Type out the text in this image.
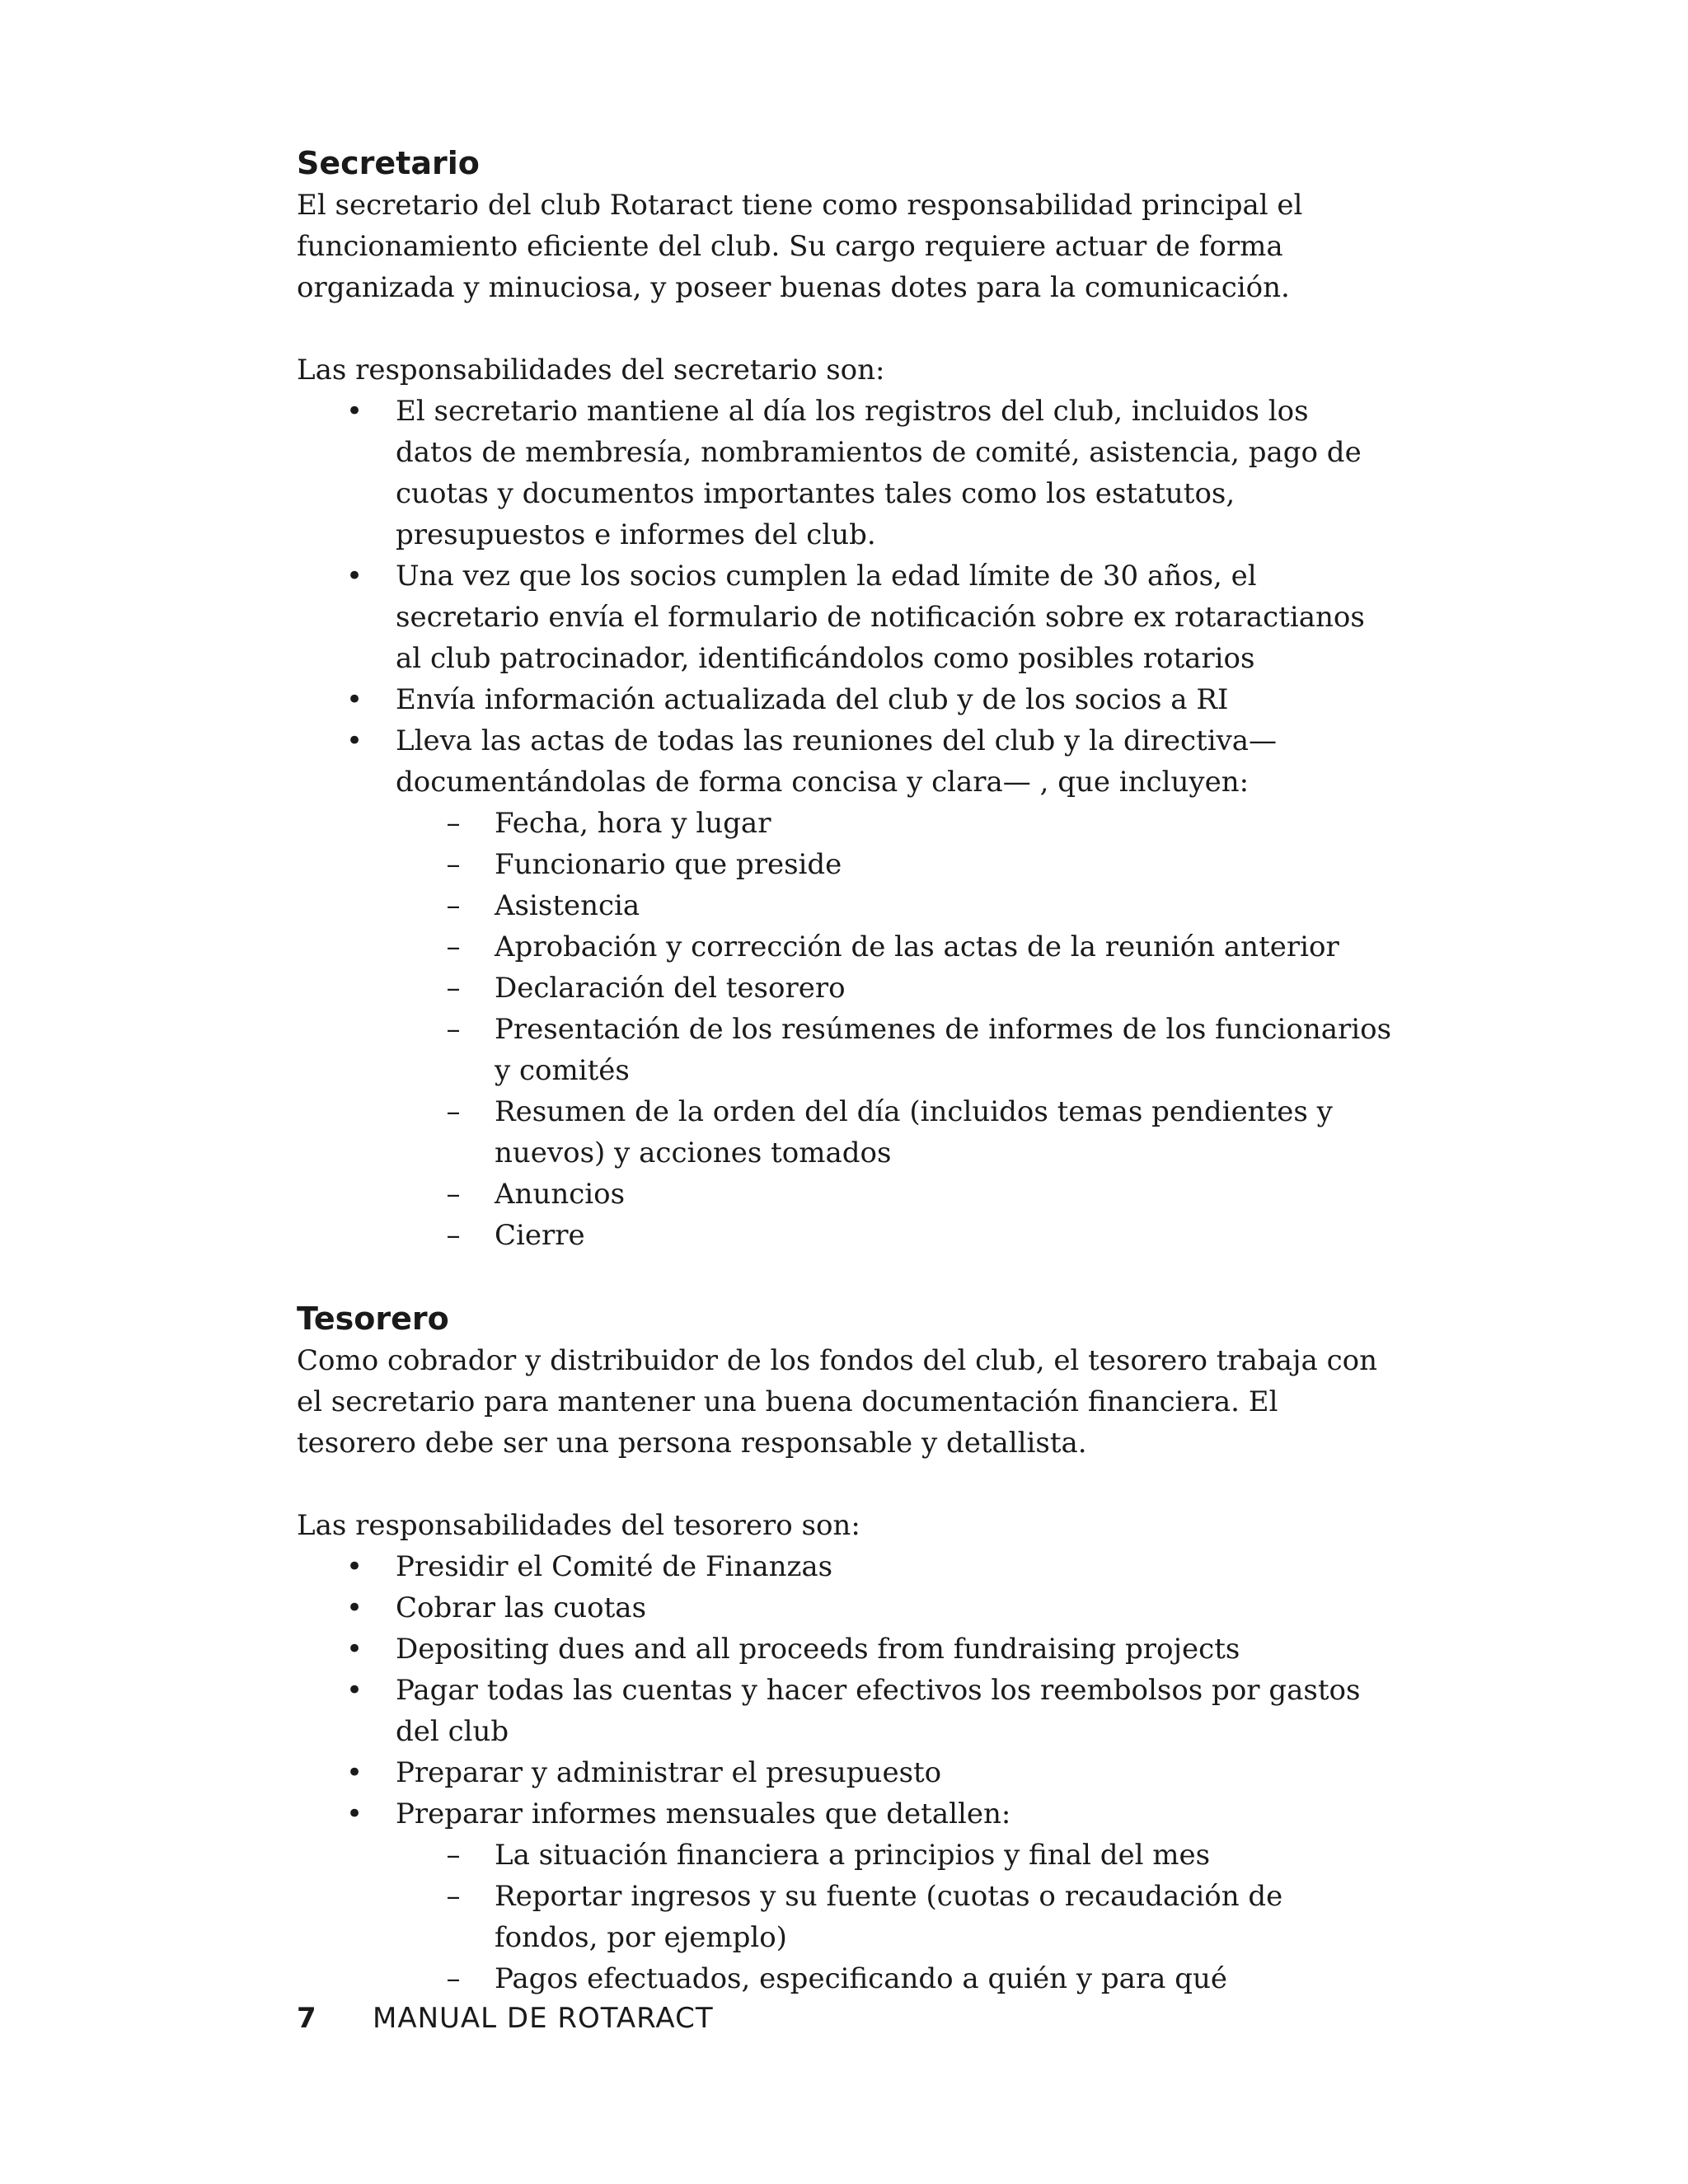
Secretario

El secretario del club Rotaract tiene como responsabilidad principal el funcionamiento eficiente del club. Su cargo requiere actuar de forma organizada y minuciosa, y poseer buenas dotes para la comunicación.

Las responsabilidades del secretario son:

• El secretario mantiene al día los registros del club, incluidos los datos de membresía, nombramientos de comité, asistencia, pago de cuotas y documentos importantes tales como los estatutos, presupuestos e informes del club.
• Una vez que los socios cumplen la edad límite de 30 años, el secretario envía el formulario de notificación sobre ex rotaractianos al club patrocinador, identificándolos como posibles rotarios
• Envía información actualizada del club y de los socios a RI
• Lleva las actas de todas las reuniones del club y la directiva— documentándolas de forma concisa y clara— , que incluyen:
– Fecha, hora y lugar
– Funcionario que preside
– Asistencia
– Aprobación y corrección de las actas de la reunión anterior
– Declaración del tesorero
– Presentación de los resúmenes de informes de los funcionarios y comités
– Resumen de la orden del día (incluidos temas pendientes y nuevos) y acciones tomados
– Anuncios
– Cierre
Tesorero

Como cobrador y distribuidor de los fondos del club, el tesorero trabaja con el secretario para mantener una buena documentación financiera. El tesorero debe ser una persona responsable y detallista.

Las responsabilidades del tesorero son:

• Presidir el Comité de Finanzas
• Cobrar las cuotas
• Depositing dues and all proceeds from fundraising projects
• Pagar todas las cuentas y hacer efectivos los reembolsos por gastos del club
• Preparar y administrar el presupuesto
• Preparar informes mensuales que detallen:
– La situación financiera a principios y final del mes
– Reportar ingresos y su fuente (cuotas o recaudación de fondos, por ejemplo)
– Pagos efectuados, especificando a quién y para qué
7 MANUAL DE ROTARACT
